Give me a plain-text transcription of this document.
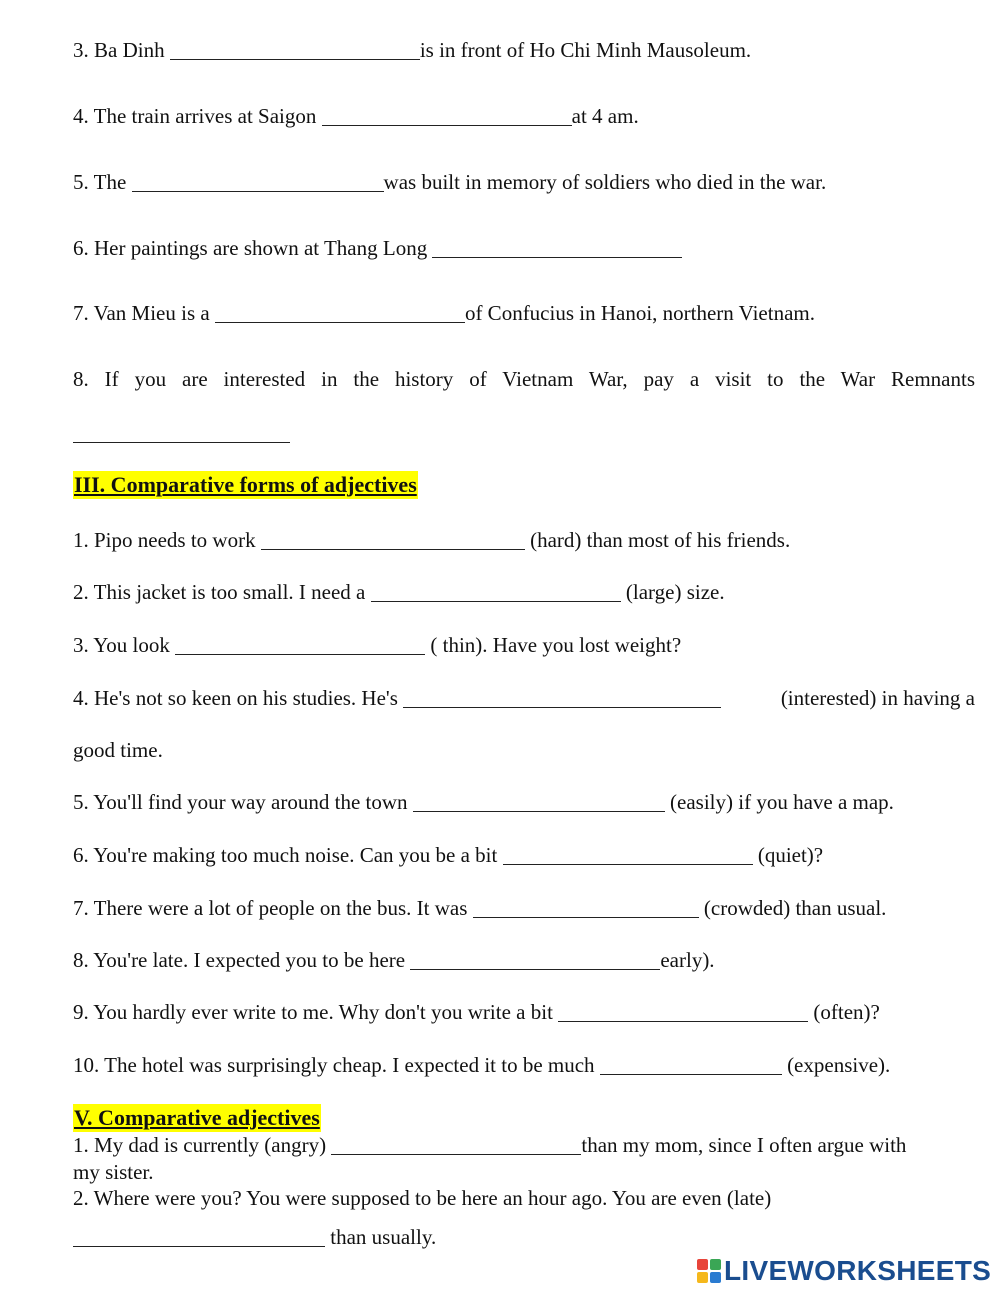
3. Ba Dinh	is in front of Ho Chi Minh Mausoleum.
4. The train arrives at Saigon	at 4 am.
5. The	was built in memory of soldiers who died in the war.
6. Her paintings are shown at Thang Long
7. Van Mieu is a	of Confucius in Hanoi, northern Vietnam.
8. If you are interested in the history of Vietnam War, pay a visit to the War Remnants
III. Comparative forms of adjectives
1. Pipo needs to work	(hard) than most of his friends.
2. This jacket is too small. I need a	(large) size.
3. You look	( thin). Have you lost weight?
4. He's not so keen on his studies. He's	(interested) in having a
good time.
5. You'll find your way around the town	(easily) if you have a map.
6. You're making too much noise. Can you be a bit	(quiet)?
7. There were a lot of people on the bus. It was	(crowded) than usual.
8. You're late. I expected you to be here	early).
9. You hardly ever write to me. Why don't you write a bit	(often)?
10. The hotel was surprisingly cheap. I expected it to be much	(expensive).
V. Comparative adjectives
1. My dad is currently (angry)	than my mom, since I often argue with
my sister.
2. Where were you? You were supposed to be here an hour ago. You are even (late)
than usually.
LIVEWORKSHEETS
